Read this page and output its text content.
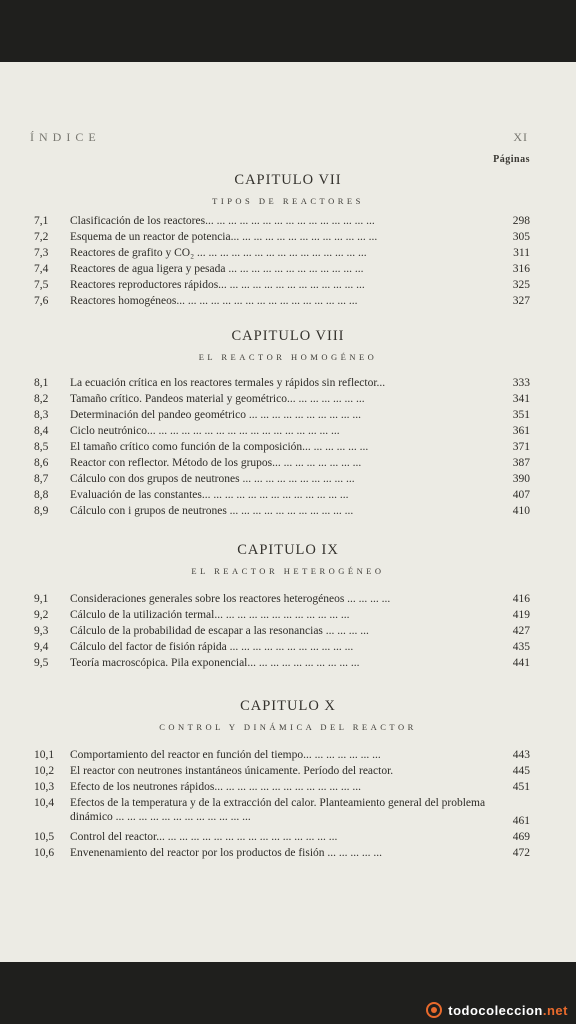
ÍNDICE	XI
Páginas
CAPITULO VII
TIPOS DE REACTORES
7,1 Clasificación de los reactores... ... ... ... ... ... ... ... ... ... ... ... ... ... ...	298
7,2 Esquema de un reactor de potencia... ... ... ... ... ... ... ... ... ... ... ... ...	305
7,3 Reactores de grafito y CO₂ ... ... ... ... ... ... ... ... ... ... ... ... ... ... ...	311
7,4 Reactores de agua ligera y pesada ... ... ... ... ... ... ... ... ... ... ... ...	316
7,5 Reactores reproductores rápidos... ... ... ... ... ... ... ... ... ... ... ... ...	325
7,6 Reactores homogéneos... ... ... ... ... ... ... ... ... ... ... ... ... ... ... ...	327
CAPITULO VIII
EL REACTOR HOMOGÉNEO
8,1 La ecuación crítica en los reactores termales y rápidos sin reflector...	333
8,2 Tamaño crítico. Pandeos material y geométrico... ... ... ... ... ... ...	341
8,3 Determinación del pandeo geométrico ... ... ... ... ... ... ... ... ... ...	351
8,4 Ciclo neutrónico... ... ... ... ... ... ... ... ... ... ... ... ... ... ... ... ...	361
8,5 El tamaño crítico como función de la composición... ... ... ... ... ...	371
8,6 Reactor con reflector. Método de los grupos... ... ... ... ... ... ... ...	387
8,7 Cálculo con dos grupos de neutrones ... ... ... ... ... ... ... ... ... ...	390
8,8 Evaluación de las constantes... ... ... ... ... ... ... ... ... ... ... ... ...	407
8,9 Cálculo con i grupos de neutrones ... ... ... ... ... ... ... ... ... ... ...	410
CAPITULO IX
EL REACTOR HETEROGÉNEO
9,1 Consideraciones generales sobre los reactores heterogéneos ... ... ... ...	416
9,2 Cálculo de la utilización termal... ... ... ... ... ... ... ... ... ... ... ...	419
9,3 Cálculo de la probabilidad de escapar a las resonancias ... ... ... ...	427
9,4 Cálculo del factor de fisión rápida ... ... ... ... ... ... ... ... ... ... ...	435
9,5 Teoría macroscópica. Pila exponencial... ... ... ... ... ... ... ... ... ...	441
CAPITULO X
CONTROL Y DINÁMICA DEL REACTOR
10,1 Comportamiento del reactor en función del tiempo... ... ... ... ... ... ...	443
10,2 El reactor con neutrones instantáneos únicamente. Período del reactor.	445
10,3 Efecto de los neutrones rápidos... ... ... ... ... ... ... ... ... ... ... ... ...	451
10,4 Efectos de la temperatura y de la extracción del calor. Planteamiento general del problema dinámico ... ... ... ... ... ... ... ... ... ... ... ...	461
10,5 Control del reactor... ... ... ... ... ... ... ... ... ... ... ... ... ... ... ...	469
10,6 Envenenamiento del reactor por los productos de fisión ... ... ... ... ...	472
todocoleccion .net
